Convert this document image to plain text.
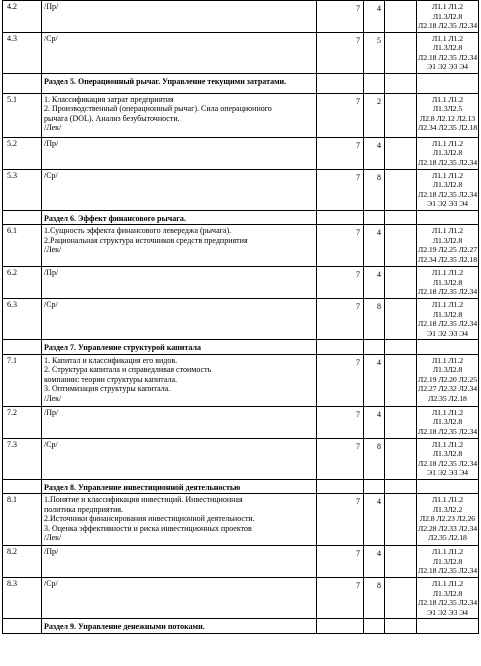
4.2	/Пр/	7	4		Л1.1 Л1.2 Л1.3Л2.8
Л2.18 Л2.35 Л2.34
4.3	/Ср/	7	5		Л1.1 Л1.2 Л1.3Л2.8
Л2.18 Л2.35 Л2.34
Э1 Э2 Э3 Э4
	Раздел 5. Операционный рычаг. Управление текущими затратами.				
5.1	1. Классификация затрат предприятия
2. Производственный (операционный рычаг). Сила операционного
рычага (DOL). Анализ безубыточности.
/Лек/	7	2		Л1.1 Л1.2 Л1.3Л2.5
Л2.8 Л2.12 Л2.13
Л2.34 Л2.35 Л2.18
5.2	/Пр/	7	4		Л1.1 Л1.2 Л1.3Л2.8
Л2.18 Л2.35 Л2.34
5.3	/Ср/	7	8		Л1.1 Л1.2 Л1.3Л2.8
Л2.18 Л2.35 Л2.34
Э1 Э2 Э3 Э4
	Раздел 6. Эффект финансового рычага.				
6.1	1.Сущность эффекта финансового левереджа (рычага).
2.Рациональная структура источников средств предприятия
/Лек/	7	4		Л1.1 Л1.2 Л1.3Л2.8
Л2.19 Л2.25 Л2.27
Л2.34 Л2.35 Л2.18
6.2	/Пр/	7	4		Л1.1 Л1.2 Л1.3Л2.8
Л2.18 Л2.35 Л2.34
6.3	/Ср/	7	8		Л1.1 Л1.2 Л1.3Л2.8
Л2.18 Л2.35 Л2.34
Э1 Э2 Э3 Э4
	Раздел 7. Управление структурой капитала				
7.1	1. Капитал и классификация его видов.
2. Структура капитала и справедливая стоимость
компании: теории структуры капитала.
3. Оптимизация структуры капитала.
/Лек/	7	4		Л1.1 Л1.2 Л1.3Л2.8
Л2.19 Л2.20 Л2.25
Л2.27 Л2.32 Л2.34
Л2.35 Л2.18
7.2	/Пр/	7	4		Л1.1 Л1.2 Л1.3Л2.8
Л2.18 Л2.35 Л2.34
7.3	/Ср/	7	8		Л1.1 Л1.2 Л1.3Л2.8
Л2.18 Л2.35 Л2.34
Э1 Э2 Э3 Э4
	Раздел 8. Управление инвестиционной деятельностью				
8.1	1.Понятие и классификация инвестиций. Инвестиционная
политика предприятия.
2.Источники финансирования инвестиционной деятельности.
3. Оценка эффективности и риска инвестиционных проектов
/Лек/	7	4		Л1.1 Л1.2 Л1.3Л2.2
Л2.8 Л2.23 Л2.26
Л2.28 Л2.33 Л2.34
Л2.35 Л2.18
8.2	/Пр/	7	4		Л1.1 Л1.2 Л1.3Л2.8
Л2.18 Л2.35 Л2.34
8.3	/Ср/	7	8		Л1.1 Л1.2 Л1.3Л2.8
Л2.18 Л2.35 Л2.34
Э1 Э2 Э3 Э4
	Раздел 9. Управление денежными потоками.				
